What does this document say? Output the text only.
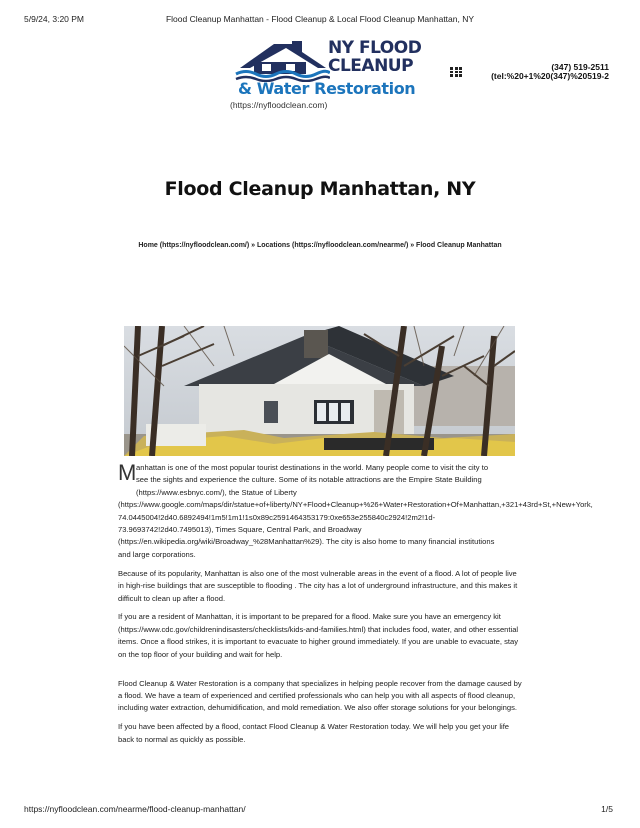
5/9/24, 3:20 PM	Flood Cleanup Manhattan - Flood Cleanup & Local Flood Cleanup Manhattan, NY
NY FLOOD
CLEANUP
& Water Restoration
(https://nyfloodclean.com)
(347) 519-2511
(tel:%20+1%20(347)%20519-2
Flood Cleanup Manhattan, NY
Home (https://nyfloodclean.com/) » Locations (https://nyfloodclean.com/nearme/) » Flood Cleanup Manhattan

M anhattan is one of the most popular tourist destinations in the world. Many people come to visit the city to
see the sights and experience the culture. Some of its notable attractions are the Empire State Building
(https://www.esbnyc.com/), the Statue of Liberty
(https://www.google.com/maps/dir/statue+of+liberty/NY+Flood+Cleanup+%26+Water+Restoration+Of+Manhattan,+321+43rd+St,+New+York,
74.0445004!2d40.6892494!1m5!1m1!1s0x89c2591464353179:0xe653e255840c2924!2m2!1d-
73.9693742!2d40.7495013), Times Square, Central Park, and Broadway
(https://en.wikipedia.org/wiki/Broadway_%28Manhattan%29). The city is also home to many financial institutions
and large corporations.

Because of its popularity, Manhattan is also one of the most vulnerable areas in the event of a flood. A lot of people live in high-rise buildings that are susceptible to flooding . The city has a lot of underground infrastructure, and this makes it difficult to clean up after a flood.

If you are a resident of Manhattan, it is important to be prepared for a flood. Make sure you have an emergency kit (https://www.cdc.gov/childrenindisasters/checklists/kids-and-families.html) that includes food, water, and other essential items. Once a flood strikes, it is important to evacuate to higher ground immediately. If you are unable to evacuate, stay on the top floor of your building and wait for help.

Flood Cleanup & Water Restoration is a company that specializes in helping people recover from the damage caused by a flood. We have a team of experienced and certified professionals who can help you with all aspects of flood cleanup, including water extraction, dehumidification, and mold remediation. We also offer storage solutions for your belongings.

If you have been affected by a flood, contact Flood Cleanup & Water Restoration today. We will help you get your life back to normal as quickly as possible.

https://nyfloodclean.com/nearme/flood-cleanup-manhattan/	1/5
